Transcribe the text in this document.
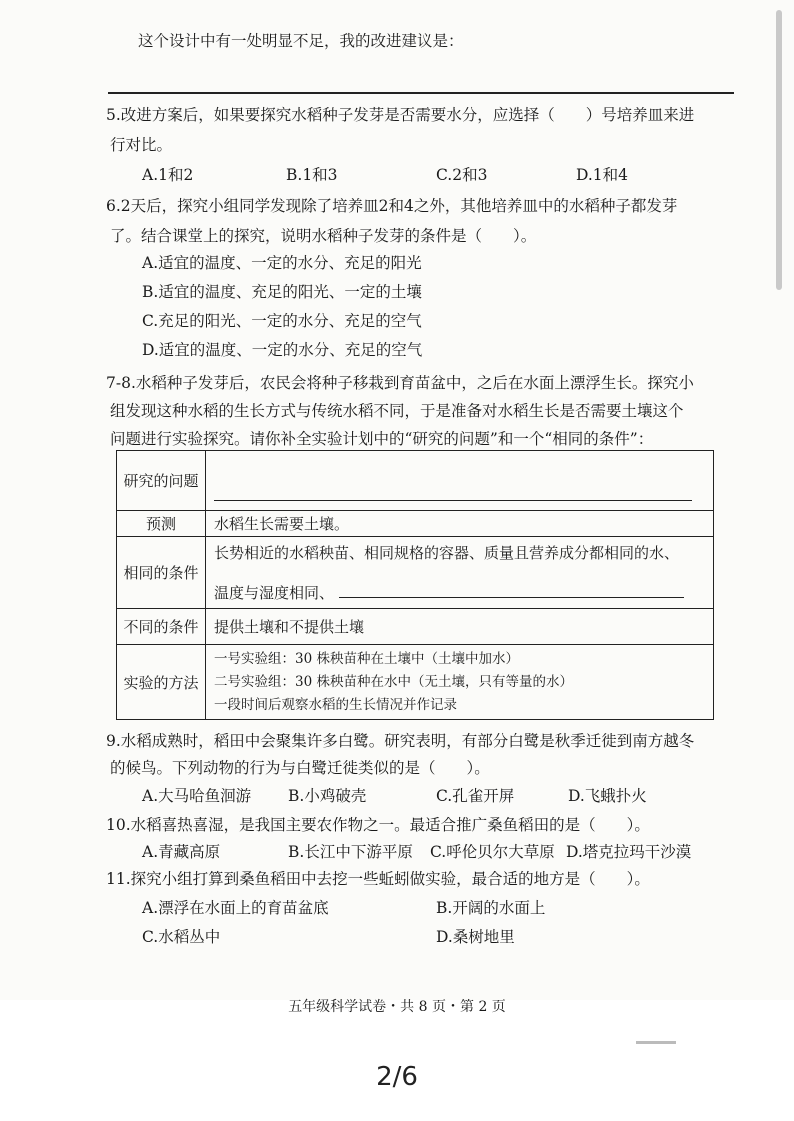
这个设计中有一处明显不足，我的改进建议是：
5.改进方案后，如果要探究水稻种子发芽是否需要水分，应选择（　　）号培养皿来进
行对比。
A.1和2	B.1和3	C.2和3	D.1和4
6.2天后，探究小组同学发现除了培养皿2和4之外，其他培养皿中的水稻种子都发芽
了。结合课堂上的探究，说明水稻种子发芽的条件是（　　）。
A.适宜的温度、一定的水分、充足的阳光
B.适宜的温度、充足的阳光、一定的土壤
C.充足的阳光、一定的水分、充足的空气
D.适宜的温度、一定的水分、充足的空气
7-8.水稻种子发芽后，农民会将种子移栽到育苗盆中，之后在水面上漂浮生长。探究小
组发现这种水稻的生长方式与传统水稻不同，于是准备对水稻生长是否需要土壤这个
问题进行实验探究。请你补全实验计划中的“研究的问题”和一个“相同的条件”：
研究的问题	

预测	水稻生长需要土壤。
相同的条件	长势相近的水稻秧苗、相同规格的容器、质量且营养成分都相同的水、
温度与湿度相同、

不同的条件	提供土壤和不提供土壤
实验的方法	一号实验组：30 株秧苗种在土壤中（土壤中加水）
二号实验组：30 株秧苗种在水中（无土壤，只有等量的水）
一段时间后观察水稻的生长情况并作记录
9.水稻成熟时，稻田中会聚集许多白鹭。研究表明，有部分白鹭是秋季迁徙到南方越冬
的候鸟。下列动物的行为与白鹭迁徙类似的是（　　）。
A.大马哈鱼洄游 B.小鸡破壳	C.孔雀开屏	D.飞蛾扑火
10.水稻喜热喜湿，是我国主要农作物之一。最适合推广桑鱼稻田的是（　　）。
A.青藏高原	B.长江中下游平原 C.呼伦贝尔大草原 D.塔克拉玛干沙漠
11.探究小组打算到桑鱼稻田中去挖一些蚯蚓做实验，最合适的地方是（　　）。
A.漂浮在水面上的育苗盆底	B.开阔的水面上
C.水稻丛中	D.桑树地里
五年级科学试卷・共 8 页・第 2 页
2/6
